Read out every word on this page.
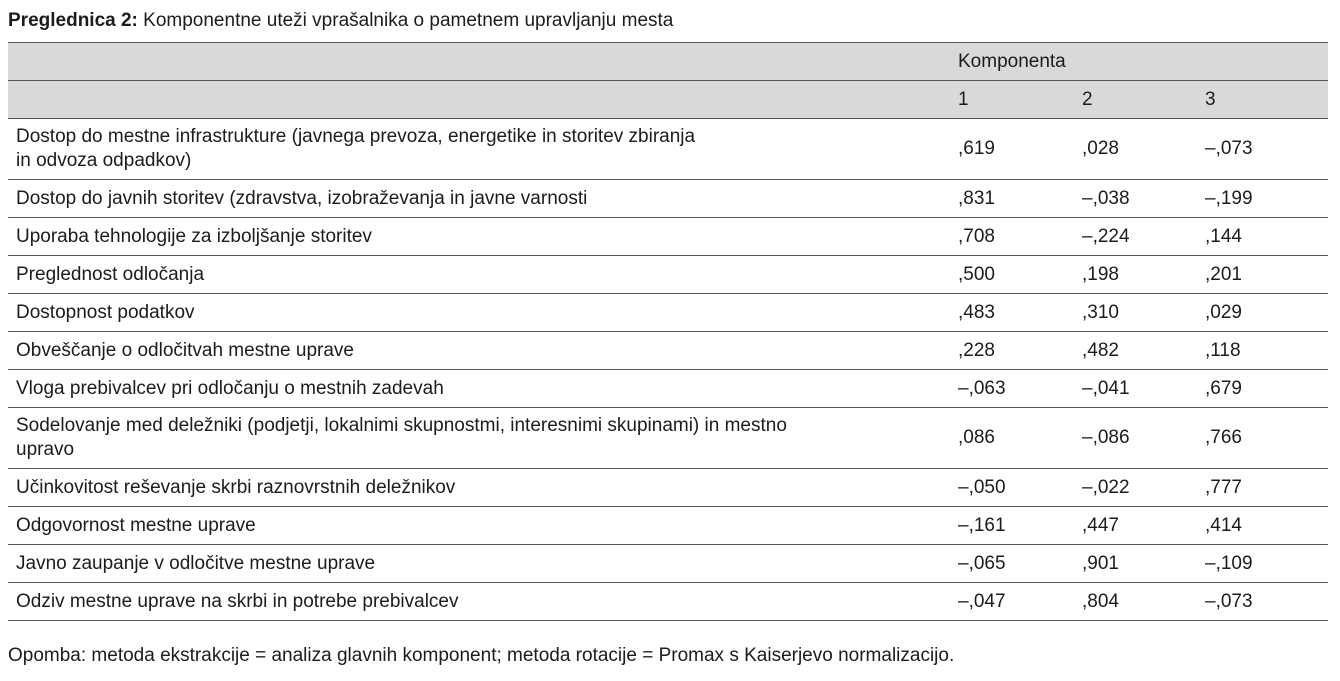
Preglednica 2: Komponentne uteži vprašalnika o pametnem upravljanju mesta
	Komponenta		
	1	2	3
Dostop do mestne infrastrukture (javnega prevoza, energetike in storitev zbiranja
in odvoza odpadkov)	,619	,028	–,073
Dostop do javnih storitev (zdravstva, izobraževanja in javne varnosti	,831	–,038	–,199
Uporaba tehnologije za izboljšanje storitev	,708	–,224	,144
Preglednost odločanja	,500	,198	,201
Dostopnost podatkov	,483	,310	,029
Obveščanje o odločitvah mestne uprave	,228	,482	,118
Vloga prebivalcev pri odločanju o mestnih zadevah	–,063	–,041	,679
Sodelovanje med deležniki (podjetji, lokalnimi skupnostmi, interesnimi skupinami) in mestno
upravo	,086	–,086	,766
Učinkovitost reševanje skrbi raznovrstnih deležnikov	–,050	–,022	,777
Odgovornost mestne uprave	–,161	,447	,414
Javno zaupanje v odločitve mestne uprave	–,065	,901	–,109
Odziv mestne uprave na skrbi in potrebe prebivalcev	–,047	,804	–,073
Opomba: metoda ekstrakcije = analiza glavnih komponent; metoda rotacije = Promax s Kaiserjevo normalizacijo.
